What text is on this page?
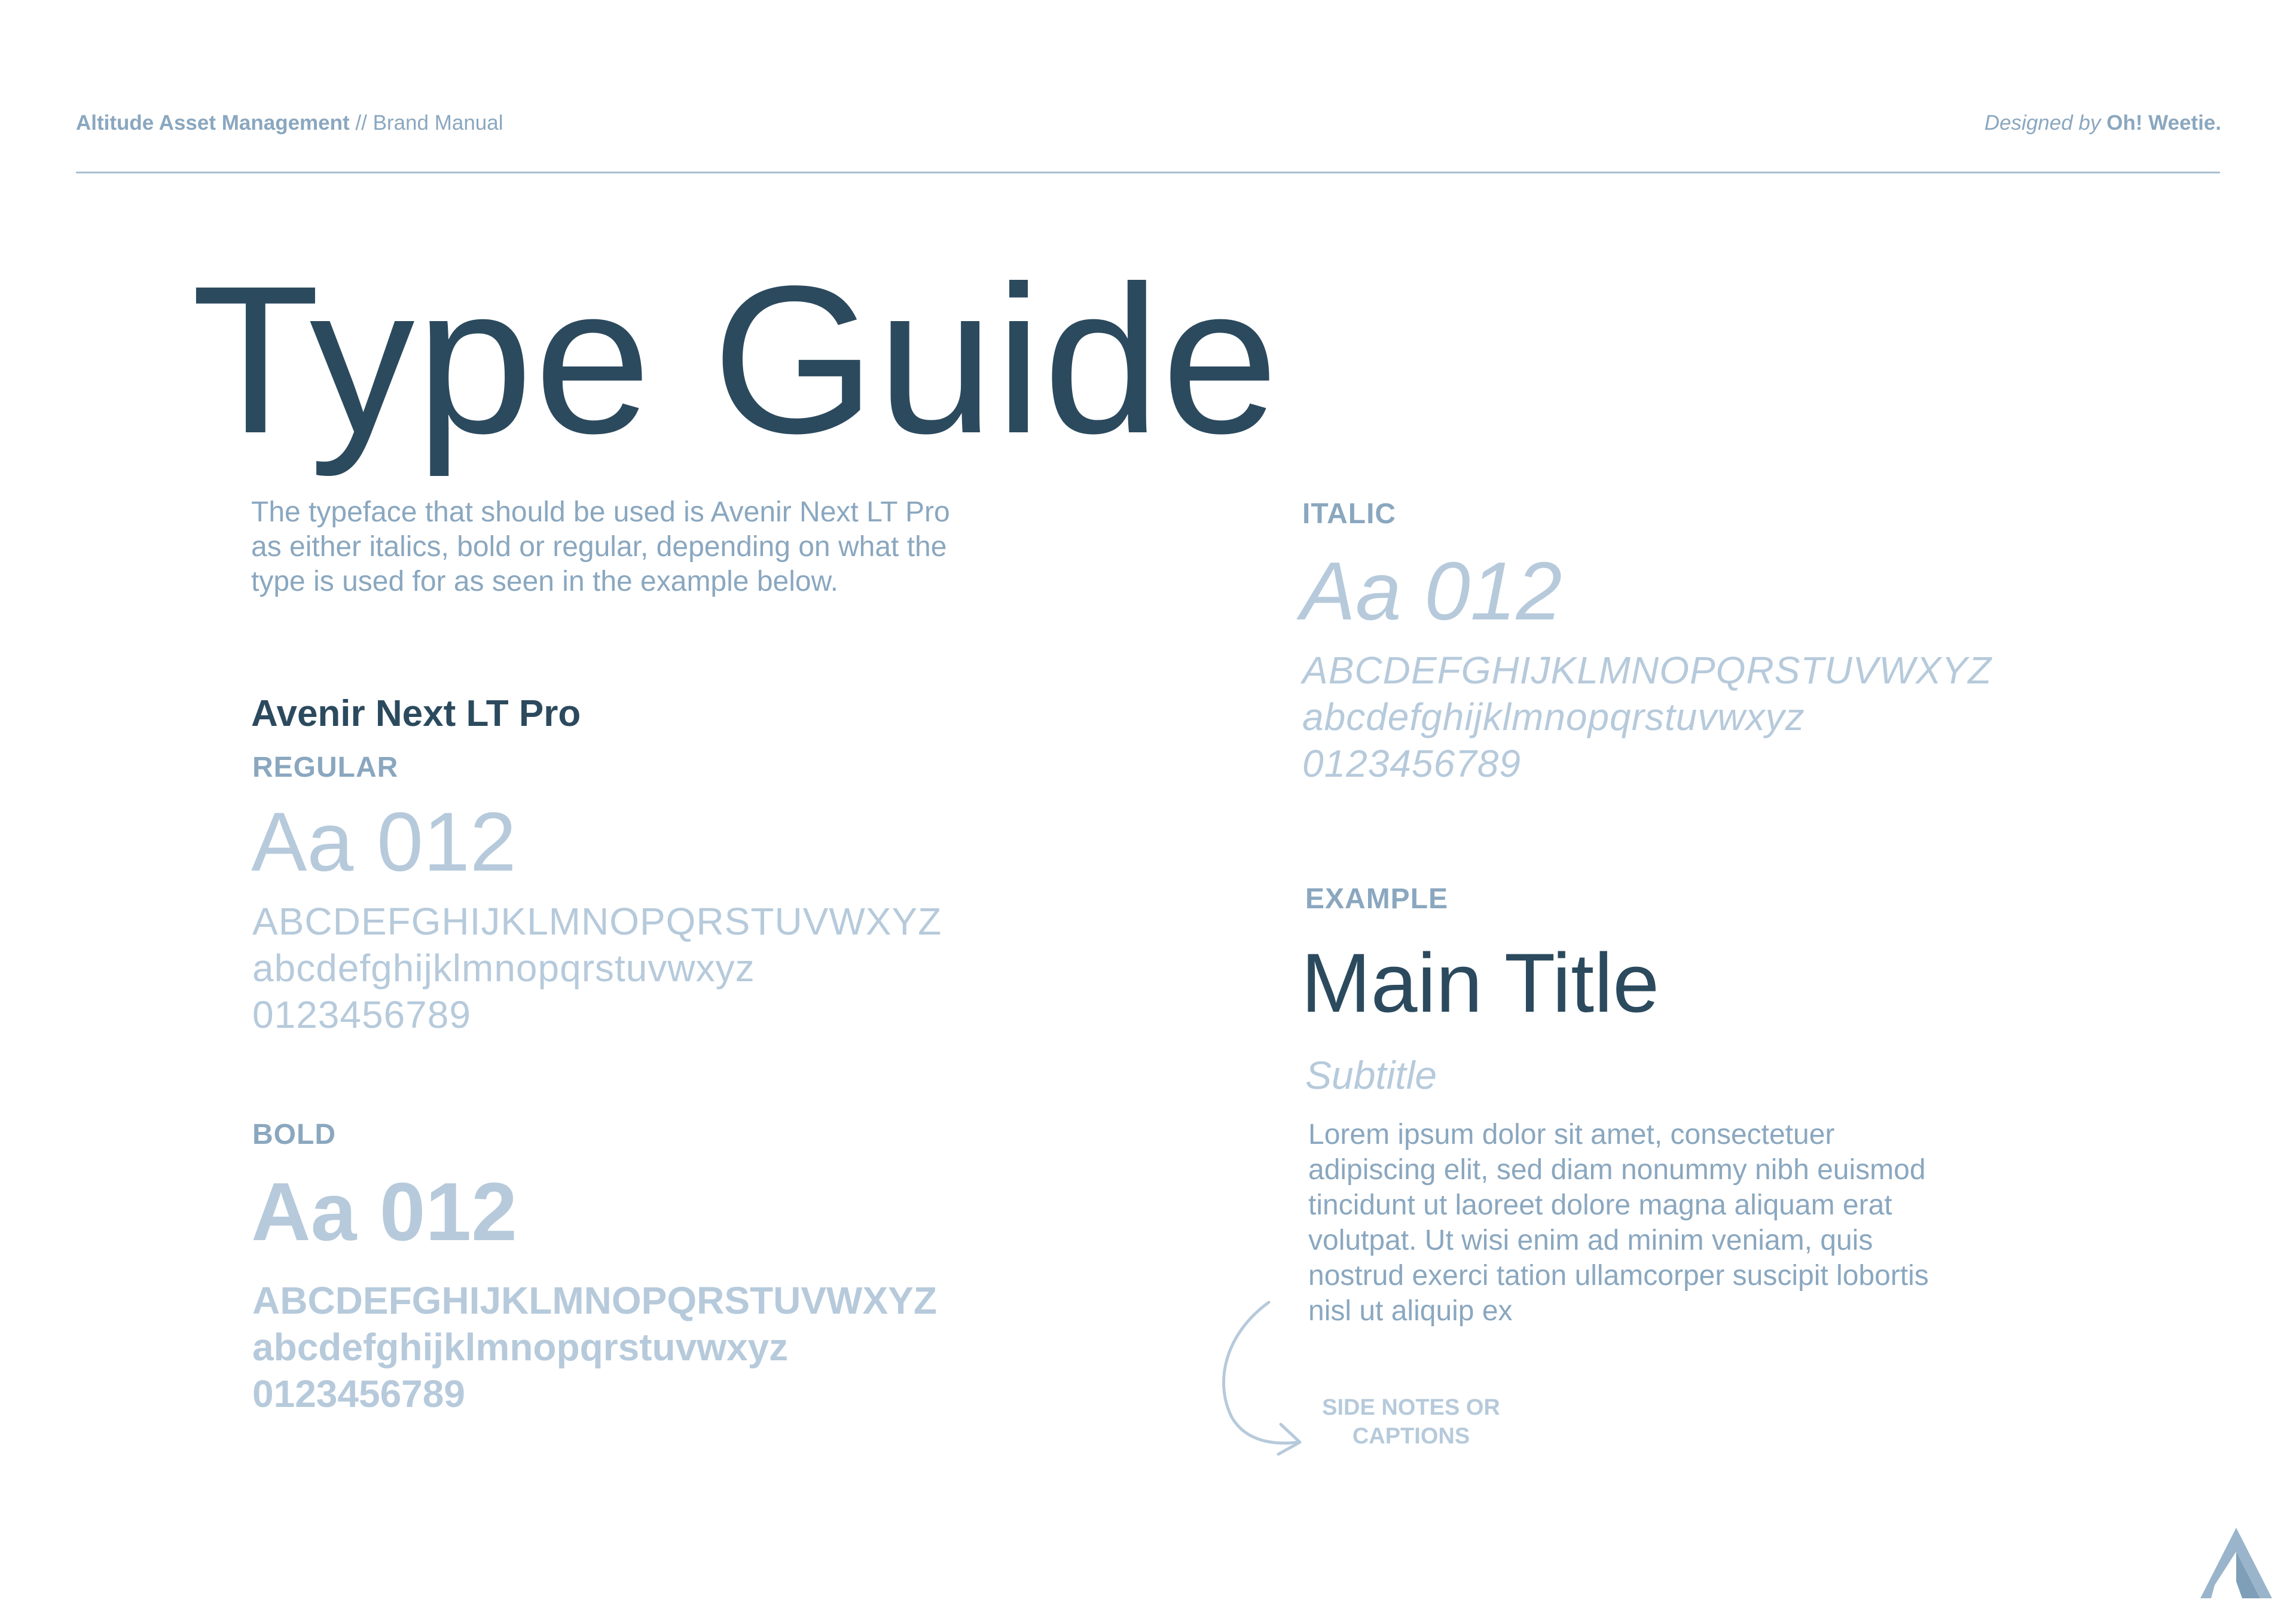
Altitude Asset Management // Brand Manual	Designed by Oh! Weetie.
Type Guide
The typeface that should be used is Avenir Next LT Pro
as either italics, bold or regular, depending on what the
type is used for as seen in the example below.
Avenir Next LT Pro
REGULAR
Aa 012
ABCDEFGHIJKLMNOPQRSTUVWXYZ
abcdefghijklmnopqrstuvwxyz
0123456789
BOLD
Aa 012
ABCDEFGHIJKLMNOPQRSTUVWXYZ
abcdefghijklmnopqrstuvwxyz
0123456789
ITALIC
Aa 012
ABCDEFGHIJKLMNOPQRSTUVWXYZ
abcdefghijklmnopqrstuvwxyz
0123456789
EXAMPLE
Main Title
Subtitle
Lorem ipsum dolor sit amet, consectetuer
adipiscing elit, sed diam nonummy nibh euismod
tincidunt ut laoreet dolore magna aliquam erat
volutpat. Ut wisi enim ad minim veniam, quis
nostrud exerci tation ullamcorper suscipit lobortis
nisl ut aliquip ex
SIDE NOTES OR
CAPTIONS
